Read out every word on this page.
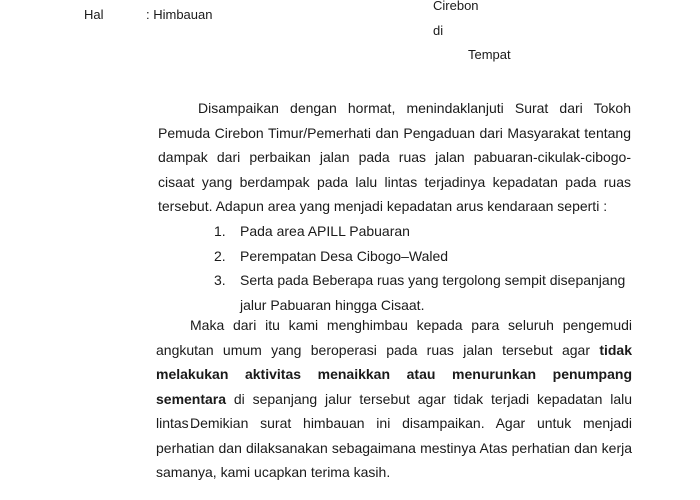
Hal	: Himbauan
Cirebon
di
Tempat

Disampaikan dengan hormat, menindaklanjuti Surat dari Tokoh Pemuda Cirebon Timur/Pemerhati dan Pengaduan dari Masyarakat tentang dampak dari perbaikan jalan pada ruas jalan pabuaran-cikulak-cibogo-cisaat yang berdampak pada lalu lintas terjadinya kepadatan pada ruas tersebut. Adapun area yang menjadi kepadatan arus kendaraan seperti :

1. Pada area APILL Pabuaran
2. Perempatan Desa Cibogo–Waled
3. Serta pada Beberapa ruas yang tergolong sempit disepanjang jalur Pabuaran hingga Cisaat.

Maka dari itu kami menghimbau kepada para seluruh pengemudi angkutan umum yang beroperasi pada ruas jalan tersebut agar tidak melakukan aktivitas menaikkan atau menurunkan penumpang sementara di sepanjang jalur tersebut agar tidak terjadi kepadatan lalu lintas .

Demikian surat himbauan ini disampaikan. Agar untuk menjadi perhatian dan dilaksanakan sebagaimana mestinya Atas perhatian dan kerja samanya, kami ucapkan terima kasih.
